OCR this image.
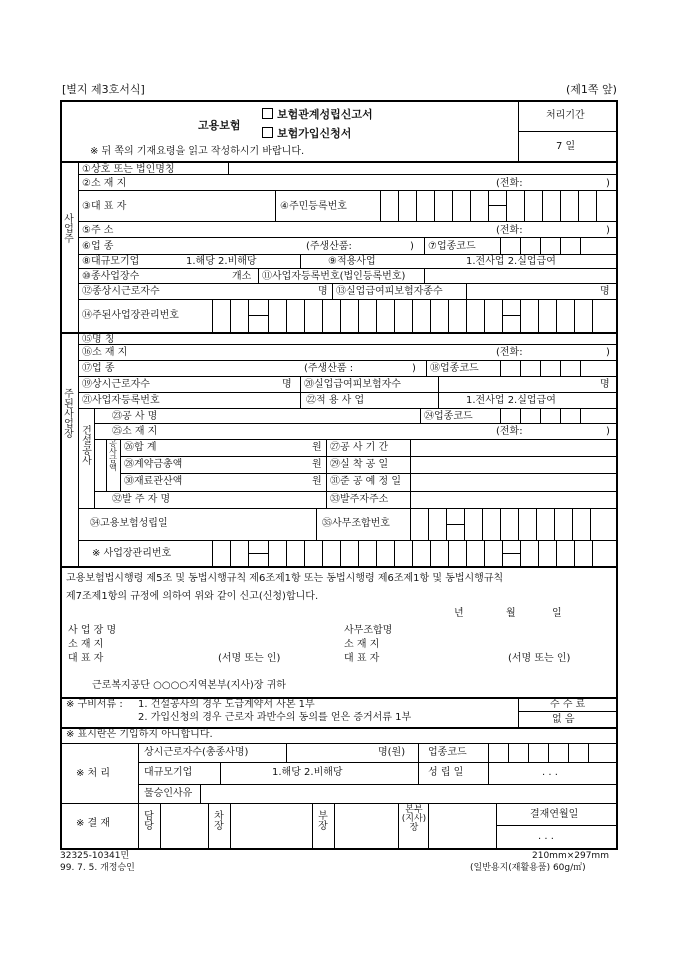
[별지 제3호서식]	(제1쪽 앞)
고용보험
보험관계성립신고서
보험가입신청서
※ 뒤 쪽의 기재요령을 읽고 작성하시기 바랍니다.
처리기간
7 일
사업주
①상호 또는 법인명칭
②소 재 지	(전화:	)
③대 표 자	④주민등록번호
⑤주 소	(전화:	)
⑥업 종	(주생산품:	) ⑦업종코드
⑧대규모기업	1.해당 2.비해당	⑨적용사업	1.전사업 2.실업급여
⑩종사업장수	개소 ⑪사업자등록번호(법인등록번호)
⑫종상시근로자수	명 ⑬실업급여피보험자종수	명
⑭주된사업장관리번호
주된사업장
⑮명 칭
⑯소 재 지	(전화:	)
⑰업 종	(주생산품 :	) ⑱업종코드
⑲상시근로자수	명 ⑳실업급여피보험자수	명
㉑사업자등록번호	㉒적 용 사 업	1.전사업 2.실업급여
건설공사
공사금액
㉓공 사 명	㉔업종코드
㉕소 재 지	(전화:	)
㉖합 계	원 ㉗공 사 기 간
㉘계약금총액	원 ㉙실 착 공 일
㉚재료관산액	원 ㉛준 공 예 정 일
㉜발 주 자 명	㉝발주자주소
㉞고용보험성립일	㉟사무조합번호
※ 사업장관리번호
고용보험법시행령 제5조 및 동법시행규칙 제6조제1항 또는 동법시행령 제6조제1항 및 동법시행규칙
제7조제1항의 규정에 의하여 위와 같이 신고(신청)합니다.
년	월	일
사 업 장 명
소 재 지
대 표 자	(서명 또는 인)
사무조합명
소 재 지
대 표 자	(서명 또는 인)
근로복지공단 ○○○○지역본부(지사)장 귀하
※ 구비서류 : 1. 건설공사의 경우 도급계약서 사본 1부
2. 가입신청의 경우 근로자 과반수의 동의를 얻은 증거서류 1부
수 수 료
없 음
※ 표시란은 기입하지 아니합니다.
※ 처 리
상시근로자수(총종사명)	명(원) 업종코드
대규모기업	1.해당 2.비해당	성 립 일	. . .
물승인사유
※ 결 재
담당
차장
부장
본부(지사)장
결재연월일
. . .
32325-10341민
99. 7. 5. 개정승인
210mm×297mm
(일반용지(재활용품) 60g/㎡)
